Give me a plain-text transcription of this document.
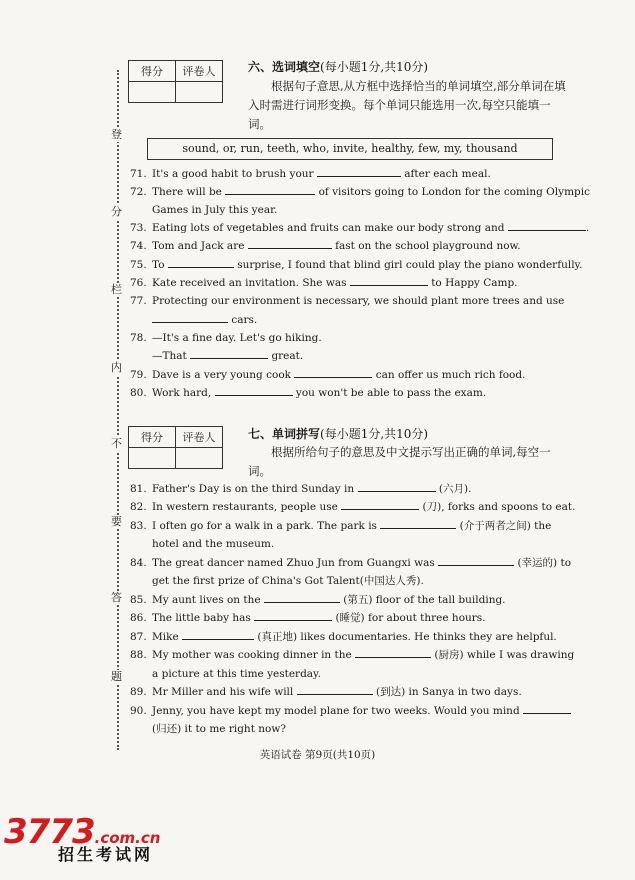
登
分
栏
内
不
要
答
题
得分	评卷人
		六、选词填空(每小题1分,共10分)
根据句子意思,从方框中选择恰当的单词填空,部分单词在填入时需进行词形变换。每个单词只能选用一次,每空只能填一词。
sound, or, run, teeth, who, invite, healthy, few, my, thousand
71. It's a good habit to brush your	after each meal.
72. There will be	of visitors going to London for the coming Olympic
Games in July this year.
73. Eating lots of vegetables and fruits can make our body strong and	.
74. Tom and Jack are	fast on the school playground now.
75. To	surprise, I found that blind girl could play the piano wonderfully.
76. Kate received an invitation. She was	to Happy Camp.
77. Protecting our environment is necessary, we should plant more trees and use
cars.
78. —It's a fine day. Let's go hiking.
—That	great.
79. Dave is a very young cook	can offer us much rich food.
80. Work hard,	you won't be able to pass the exam.
得分	评卷人
		七、单词拼写(每小题1分,共10分)
根据所给句子的意思及中文提示写出正确的单词,每空一词。
81. Father's Day is on the third Sunday in	(六月).
82. In western restaurants, people use	(刀), forks and spoons to eat.
83. I often go for a walk in a park. The park is	(介于两者之间) the
hotel and the museum.
84. The great dancer named Zhuo Jun from Guangxi was	(幸运的) to
get the first prize of China's Got Talent(中国达人秀).
85. My aunt lives on the	(第五) floor of the tall building.
86. The little baby has	(睡觉) for about three hours.
87. Mike	(真正地) likes documentaries. He thinks they are helpful.
88. My mother was cooking dinner in the	(厨房) while I was drawing
a picture at this time yesterday.
89. Mr Miller and his wife will	(到达) in Sanya in two days.
90. Jenny, you have kept my model plane for two weeks. Would you mind
(归还) it to me right now?
英语试卷 第9页(共10页)
3773.com.cn
招生考试网
